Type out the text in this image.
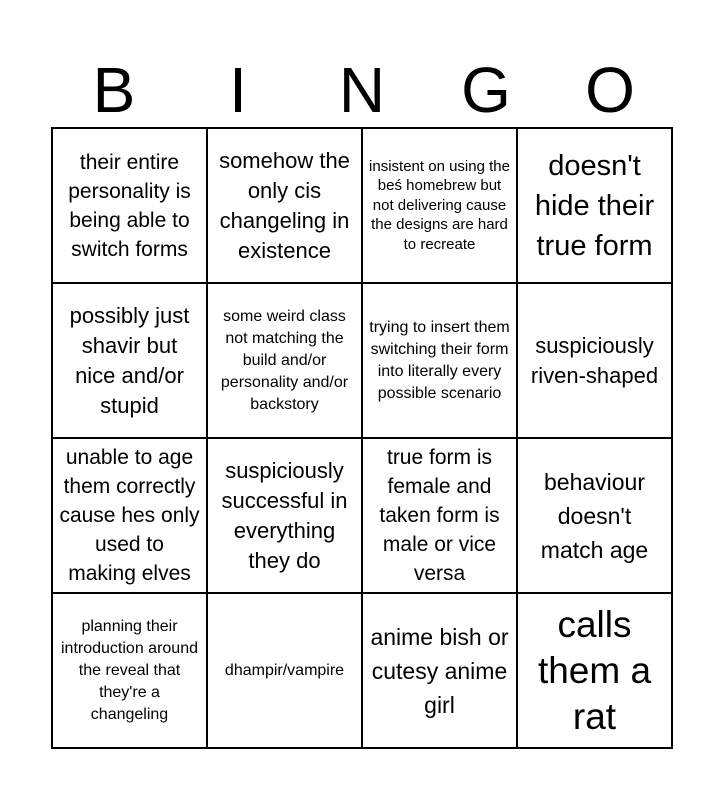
B	I	N	G	O
their entire personality is being able to switch forms
somehow the only cis changeling in existence
insistent on using the beś homebrew but not delivering cause the designs are hard to recreate
doesn't hide their true form
possibly just shavir but nice and/or stupid
some weird class not matching the build and/or personality and/or backstory
trying to insert them switching their form into literally every possible scenario
suspiciously riven-shaped
unable to age them correctly cause hes only used to making elves
suspiciously successful in everything they do
true form is female and taken form is male or vice versa
behaviour doesn't match age
planning their introduction around the reveal that they're a changeling
dhampir/vampire
anime bish or cutesy anime girl
calls them a rat
